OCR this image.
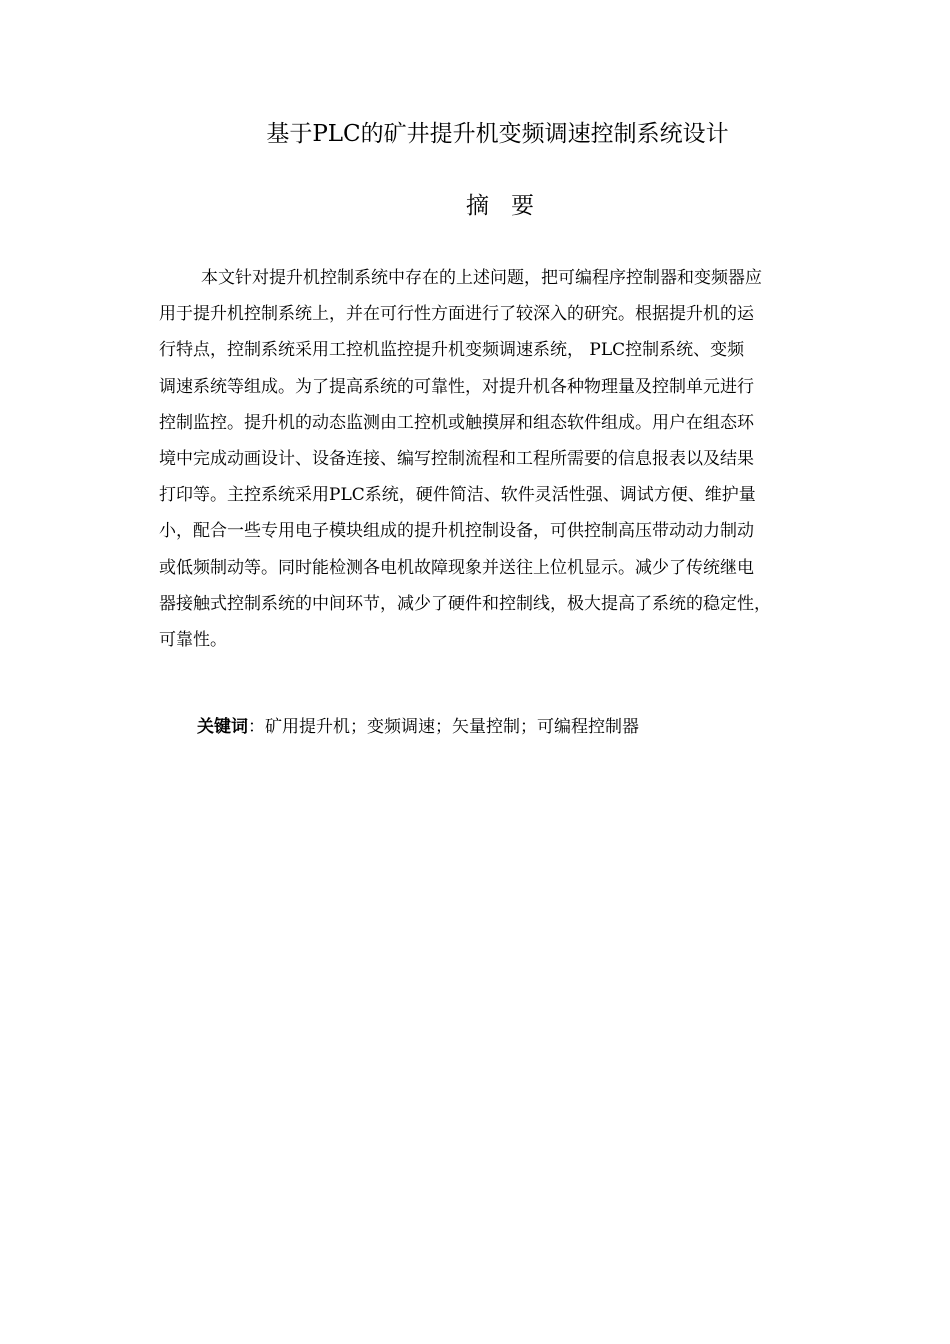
基于PLC的矿井提升机变频调速控制系统设计
摘要
本文针对提升机控制系统中存在的上述问题，把可编程序控制器和变频器应
用于提升机控制系统上，并在可行性方面进行了较深入的研究。根据提升机的运
行特点，控制系统采用工控机监控提升机变频调速系统， PLC控制系统、变频
调速系统等组成。为了提高系统的可靠性，对提升机各种物理量及控制单元进行
控制监控。提升机的动态监测由工控机或触摸屏和组态软件组成。用户在组态环
境中完成动画设计、设备连接、编写控制流程和工程所需要的信息报表以及结果
打印等。主控系统采用PLC系统，硬件简洁、软件灵活性强、调试方便、维护量
小，配合一些专用电子模块组成的提升机控制设备，可供控制高压带动动力制动
或低频制动等。同时能检测各电机故障现象并送往上位机显示。减少了传统继电
器接触式控制系统的中间环节，减少了硬件和控制线，极大提高了系统的稳定性，
可靠性。
关键词：矿用提升机；变频调速；矢量控制；可编程控制器
